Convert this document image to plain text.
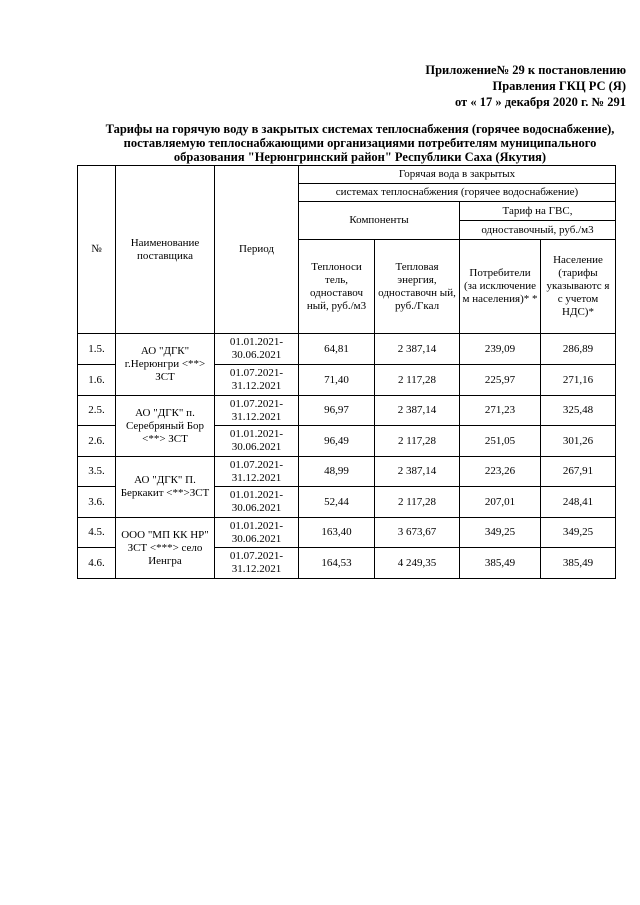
Приложение№ 29 к постановлению
Правления ГКЦ РС (Я)
от « 17 » декабря 2020 г. № 291
Тарифы на горячую воду в закрытых системах теплоснабжения (горячее водоснабжение),
поставляемую теплоснабжающими организациями потребителям муниципального
образования "Нерюнгринский район" Республики Саха (Якутия)
№	Наименование поставщика	Период	Горячая вода в закрытых			
			системах теплоснабжения (горячее водоснабжение)			
			Компоненты		Тариф на ГВС,	
					одноставочный, руб./м3	
			Теплоноси тель, одноставоч ный, руб./м3	Тепловая энергия, одноставочн ый, руб./Гкал	Потребители (за исключение м населения)* *	Население (тарифы указываютс я с учетом НДС)*
1.5.	АО "ДГК" г.Нерюнгри <**> ЗСТ	01.01.2021-30.06.2021	64,81	2 387,14	239,09	286,89
1.6.		01.07.2021-31.12.2021	71,40	2 117,28	225,97	271,16
2.5.	АО "ДГК" п. Серебряный Бор <**> ЗСТ	01.07.2021-31.12.2021	96,97	2 387,14	271,23	325,48
2.6.		01.01.2021-30.06.2021	96,49	2 117,28	251,05	301,26
3.5.	АО "ДГК" П. Беркакит <**>ЗСТ	01.07.2021-31.12.2021	48,99	2 387,14	223,26	267,91
3.6.		01.01.2021-30.06.2021	52,44	2 117,28	207,01	248,41
4.5.	ООО "МП КК НР" ЗСТ <***> село Иенгра	01.01.2021-30.06.2021	163,40	3 673,67	349,25	349,25
4.6.		01.07.2021-31.12.2021	164,53	4 249,35	385,49	385,49
